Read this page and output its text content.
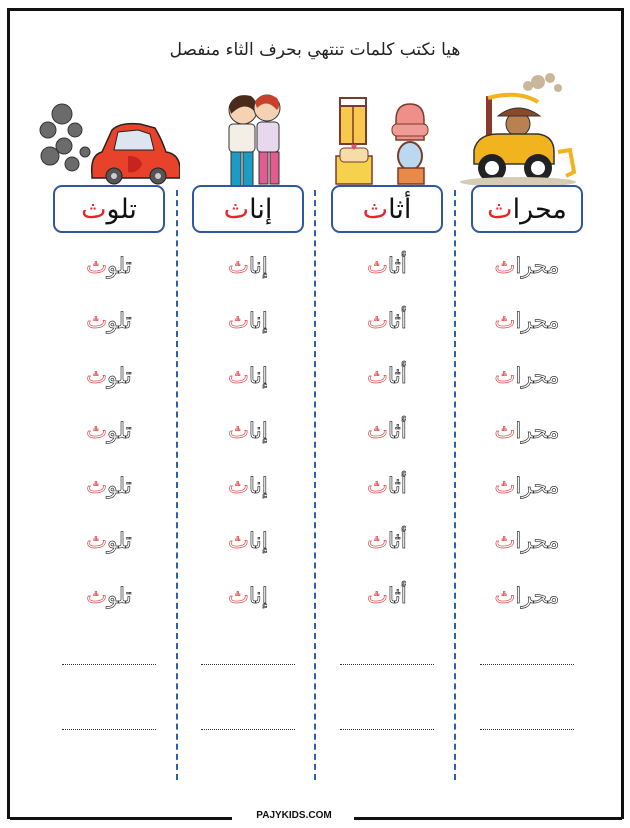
هيا نكتب كلمات تنتهي بحرف الثاء منفصل
تلو
ث
تلو
ث
تلو
ث
تلو
ث
تلو
ث
تلو
ث
تلو
ث
تلو
ث
إنا
ث
إنا
ث
إنا
ث
إنا
ث
إنا
ث
إنا
ث
إنا
ث
إنا
ث
أثا
ث
أثا
ث
أثا
ث
أثا
ث
أثا
ث
أثا
ث
أثا
ث
أثا
ث
محرا
ث
محرا
ث
محرا
ث
محرا
ث
محرا
ث
محرا
ث
محرا
ث
محرا
ث
PAJYKIDS.COM
